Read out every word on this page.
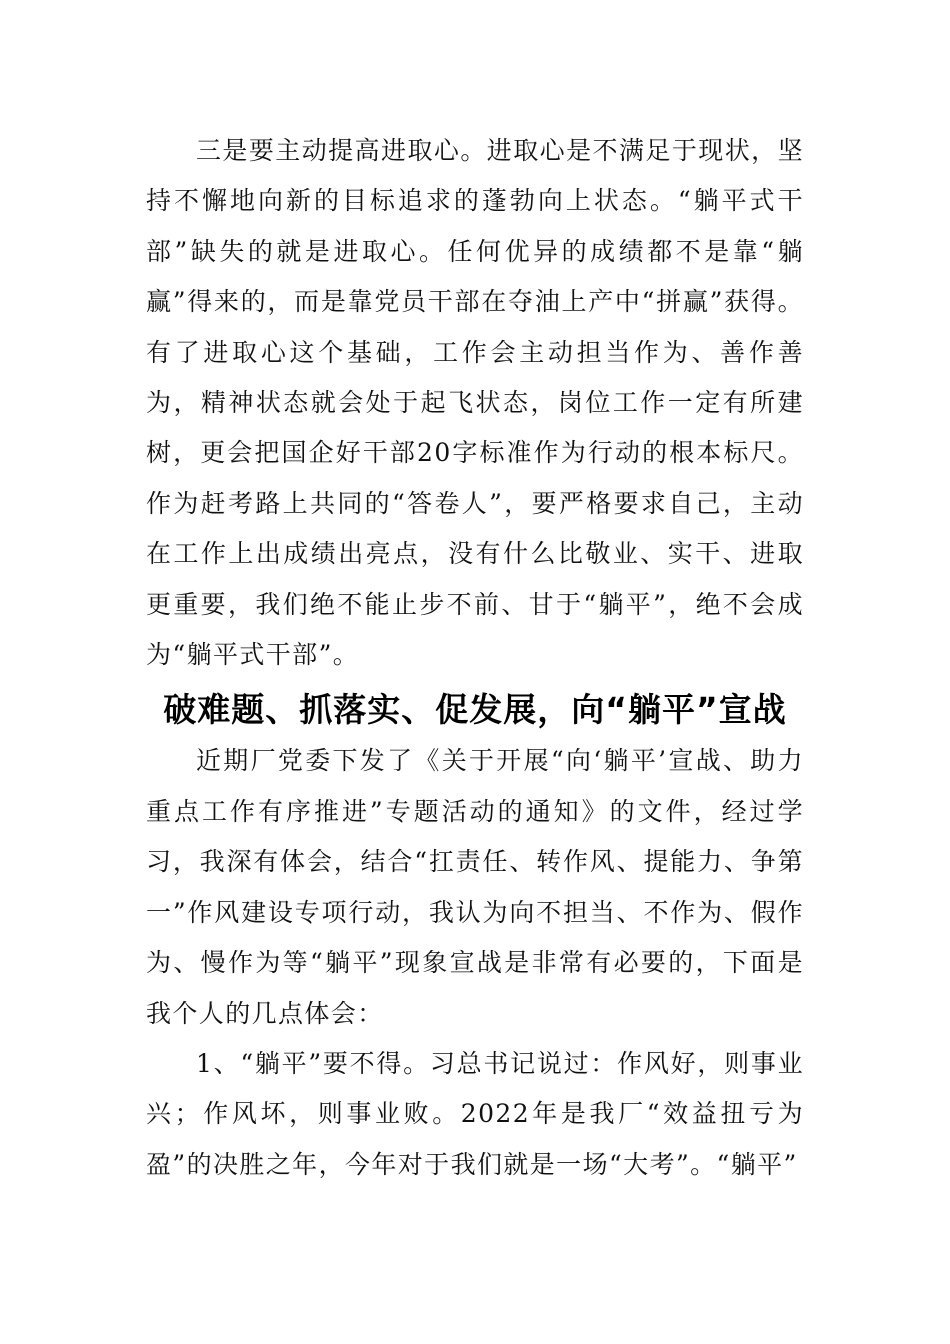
三是要主动提高进取心。进取心是不满足于现状，坚持不懈地向新的目标追求的蓬勃向上状态。“躺平式干部”缺失的就是进取心。任何优异的成绩都不是靠“躺赢”得来的，而是靠党员干部在夺油上产中“拼赢”获得。有了进取心这个基础，工作会主动担当作为、善作善为，精神状态就会处于起飞状态，岗位工作一定有所建树，更会把国企好干部20字标准作为行动的根本标尺。作为赶考路上共同的“答卷人”，要严格要求自己，主动在工作上出成绩出亮点，没有什么比敬业、实干、进取更重要，我们绝不能止步不前、甘于“躺平”，绝不会成为“躺平式干部”。

破难题、抓落实、促发展，向“躺平”宣战

近期厂党委下发了《关于开展“向‘躺平’宣战、助力重点工作有序推进”专题活动的通知》的文件，经过学习，我深有体会，结合“扛责任、转作风、提能力、争第一”作风建设专项行动，我认为向不担当、不作为、假作为、慢作为等“躺平”现象宣战是非常有必要的，下面是我个人的几点体会：

1、“躺平”要不得。习总书记说过：作风好，则事业兴；作风坏，则事业败。2022年是我厂“效益扭亏为盈”的决胜之年，今年对于我们就是一场“大考”。“躺平”
